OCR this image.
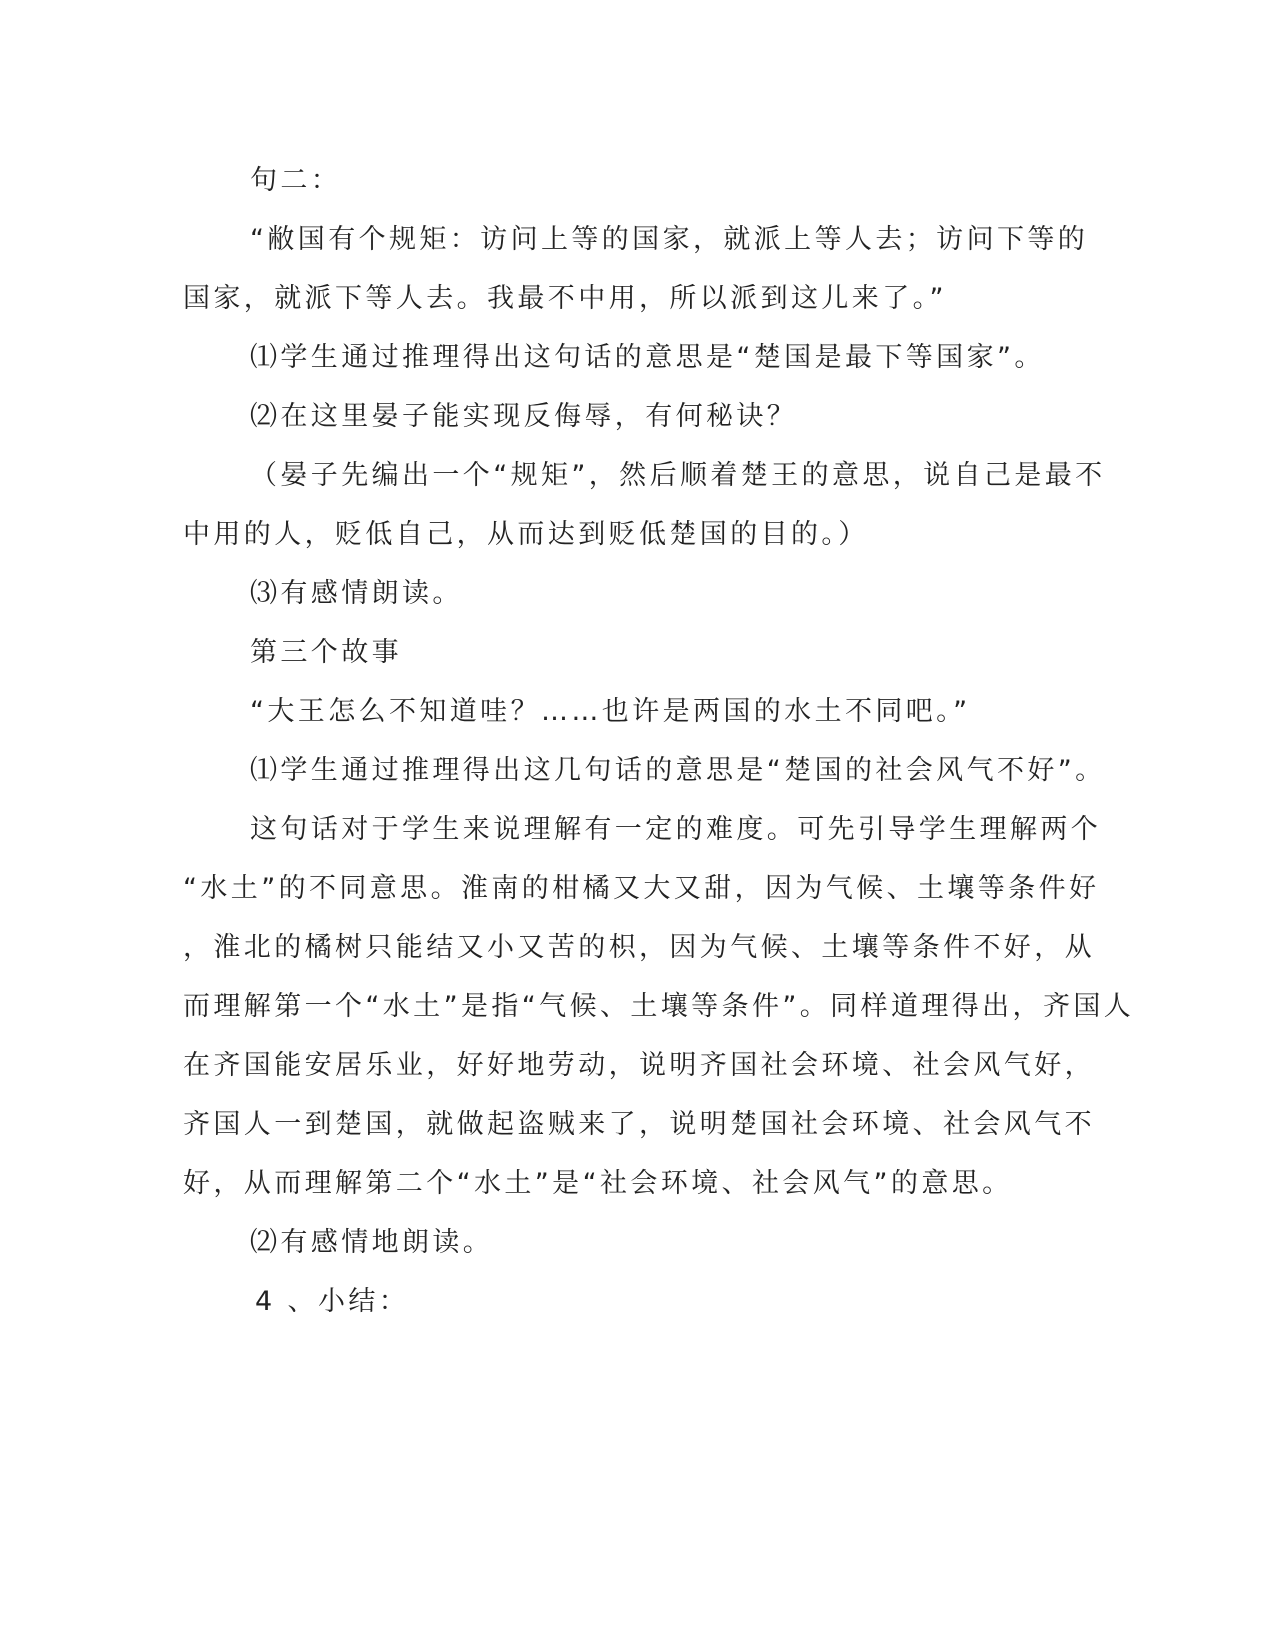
句二：
“敝国有个规矩：访问上等的国家，就派上等人去；访问下等的
国家，就派下等人去。我最不中用，所以派到这儿来了。”
⑴学生通过推理得出这句话的意思是“楚国是最下等国家”。
⑵在这里晏子能实现反侮辱，有何秘诀？
（晏子先编出一个“规矩”，然后顺着楚王的意思，说自己是最不
中用的人，贬低自己，从而达到贬低楚国的目的。）
⑶有感情朗读。
第三个故事
“大王怎么不知道哇？……也许是两国的水土不同吧。”
⑴学生通过推理得出这几句话的意思是“楚国的社会风气不好”。
这句话对于学生来说理解有一定的难度。可先引导学生理解两个
“水土”的不同意思。淮南的柑橘又大又甜，因为气候、土壤等条件好
，淮北的橘树只能结又小又苦的枳，因为气候、土壤等条件不好，从
而理解第一个“水土”是指“气候、土壤等条件”。同样道理得出，齐国人
在齐国能安居乐业，好好地劳动，说明齐国社会环境、社会风气好，
齐国人一到楚国，就做起盗贼来了，说明楚国社会环境、社会风气不
好，从而理解第二个“水土”是“社会环境、社会风气”的意思。
⑵有感情地朗读。
4 、小结：
